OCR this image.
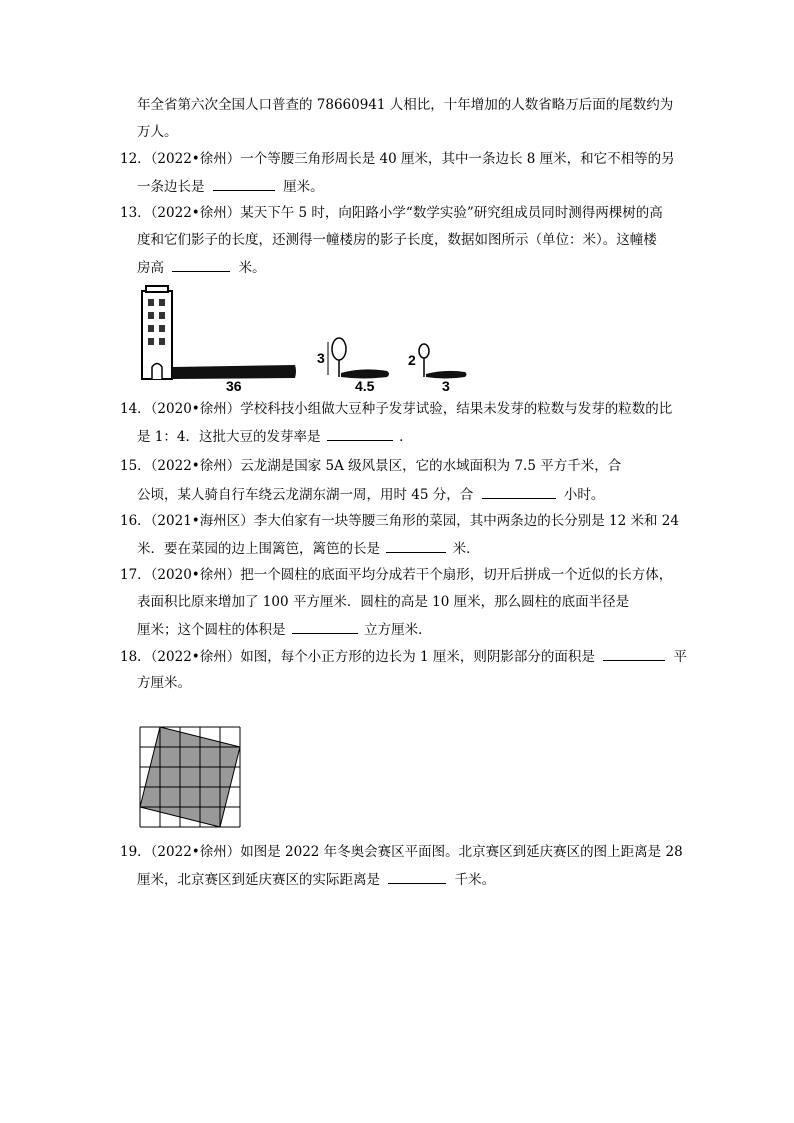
年全省第六次全国人口普查的 78660941 人相比，十年增加的人数省略万后面的尾数约为
万人。
12．（2022•徐州）一个等腰三角形周长是 40 厘米，其中一条边长 8 厘米，和它不相等的另
一条边长是	厘米。
13．（2022•徐州）某天下午 5 时，向阳路小学“数学实验”研究组成员同时测得两棵树的高
度和它们影子的长度，还测得一幢楼房的影子长度，数据如图所示（单位：米）。这幢楼
房高	米。
36
3
4.5
2
3
14．（2020•徐州）学校科技小组做大豆种子发芽试验，结果未发芽的粒数与发芽的粒数的比
是 1：4．这批大豆的发芽率是	．
15．（2022•徐州）云龙湖是国家 5A 级风景区，它的水域面积为 7.5 平方千米，合
公顷，某人骑自行车绕云龙湖东湖一周，用时 45 分，合	小时。
16．（2021•海州区）李大伯家有一块等腰三角形的菜园，其中两条边的长分别是 12 米和 24
米．要在菜园的边上围篱笆，篱笆的长是	米．
17．（2020•徐州）把一个圆柱的底面平均分成若干个扇形，切开后拼成一个近似的长方体，
表面积比原来增加了 100 平方厘米．圆柱的高是 10 厘米，那么圆柱的底面半径是
厘米；这个圆柱的体积是	立方厘米．
18．（2022•徐州）如图，每个小正方形的边长为 1 厘米，则阴影部分的面积是	平
方厘米。
19．（2022•徐州）如图是 2022 年冬奥会赛区平面图。北京赛区到延庆赛区的图上距离是 28
厘米，北京赛区到延庆赛区的实际距离是	千米。
